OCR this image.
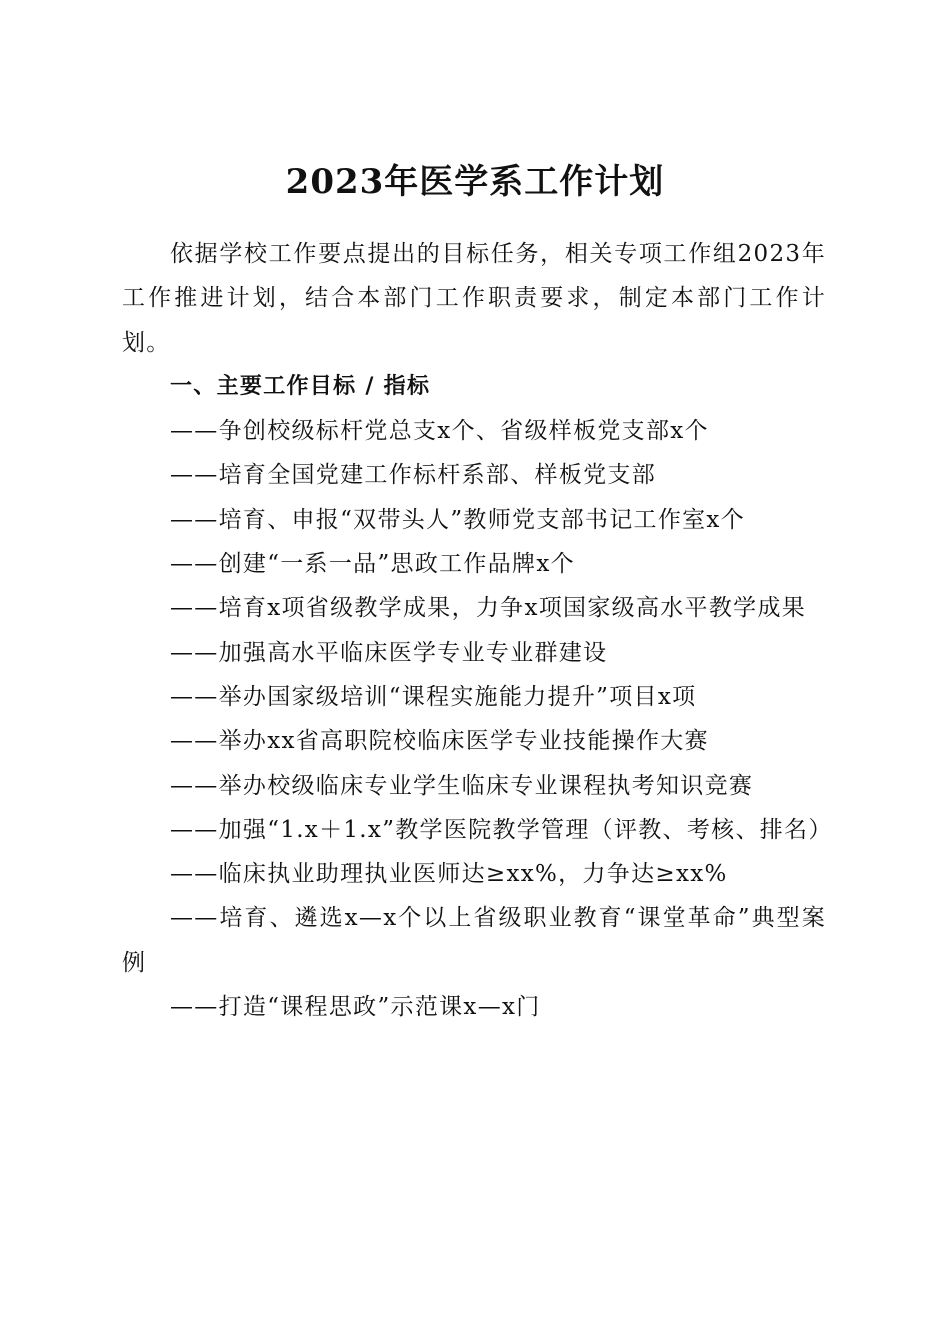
2023年医学系工作计划

依据学校工作要点提出的目标任务，相关专项工作组2023年工作推进计划，结合本部门工作职责要求，制定本部门工作计划。

一、主要工作目标 / 指标

——争创校级标杆党总支x个、省级样板党支部x个
——培育全国党建工作标杆系部、样板党支部
——培育、申报“双带头人”教师党支部书记工作室x个
——创建“一系一品”思政工作品牌x个
——培育x项省级教学成果，力争x项国家级高水平教学成果
——加强高水平临床医学专业专业群建设
——举办国家级培训“课程实施能力提升”项目x项
——举办xx省高职院校临床医学专业技能操作大赛
——举办校级临床专业学生临床专业课程执考知识竞赛
——加强“1.x＋1.x”教学医院教学管理（评教、考核、排名）
——临床执业助理执业医师达≥xx%，力争达≥xx%
——培育、遴选x—x个以上省级职业教育“课堂革命”典型案例
——打造“课程思政”示范课x—x门
